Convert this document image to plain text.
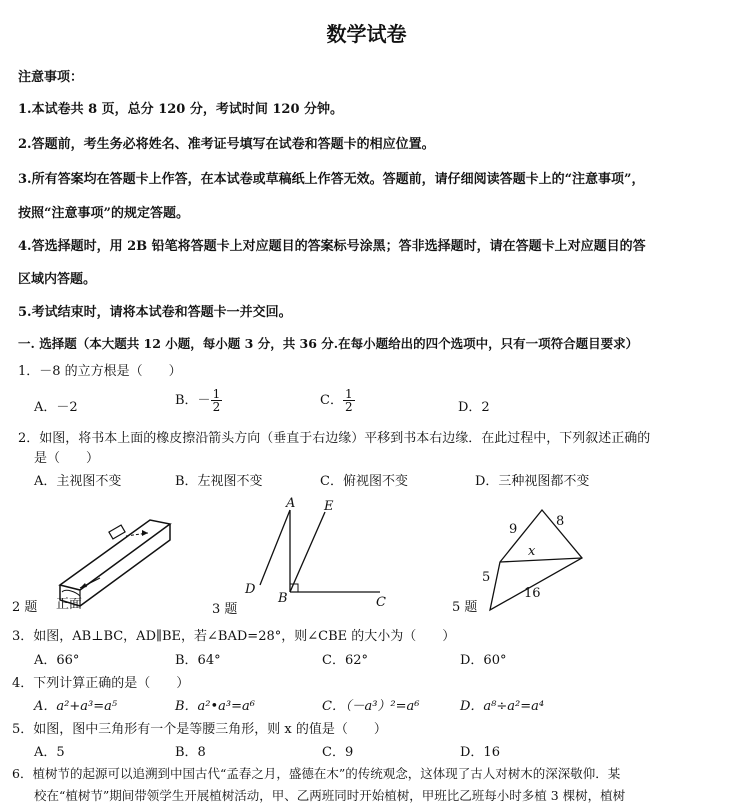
数学试卷
注意事项：
1.本试卷共 8 页，总分 120 分，考试时间 120 分钟。
2.答题前，考生务必将姓名、准考证号填写在试卷和答题卡的相应位置。
3.所有答案均在答题卡上作答，在本试卷或草稿纸上作答无效。答题前，请仔细阅读答题卡上的“注意事项”，
按照“注意事项”的规定答题。
4.答选择题时，用 2B 铅笔将答题卡上对应题目的答案标号涂黑；答非选择题时，请在答题卡上对应题目的答
区域内答题。
5.考试结束时，请将本试卷和答题卡一并交回。
一. 选择题（本大题共 12 小题，每小题 3 分，共 36 分.在每小题给出的四个选项中，只有一项符合题目要求）
1．－8 的立方根是（　　）
A．－2	B．－ $\frac{1}{2}$	C． $\frac{1}{2}$	D．2
2．如图，将书本上面的橡皮擦沿箭头方向（垂直于右边缘）平移到书本右边缘．在此过程中，下列叙述正确的
是（　　）
A．主视图不变	B．左视图不变	C．俯视图不变	D．三种视图都不变
2 题 正面
A E
D
B	C
3 题
9
8
x
5
16
5 题
3．如图，AB⊥BC，AD∥BE，若∠BAD=28°，则∠CBE 的大小为（　　）
A．66°	B．64°	C．62°	D．60°
4．下列计算正确的是（　　）
A．a²+a³=a⁵	B．a²•a³=a⁶	C．（－a³）²=a⁶	D．a⁸÷a²=a⁴
5．如图，图中三角形有一个是等腰三角形，则 x 的值是（　　）
A．5	B．8	C．9	D．16
6．植树节的起源可以追溯到中国古代“孟春之月，盛德在木”的传统观念，这体现了古人对树木的深深敬仰．某
校在“植树节”期间带领学生开展植树活动，甲、乙两班同时开始植树，甲班比乙班每小时多植 3 棵树，植树
